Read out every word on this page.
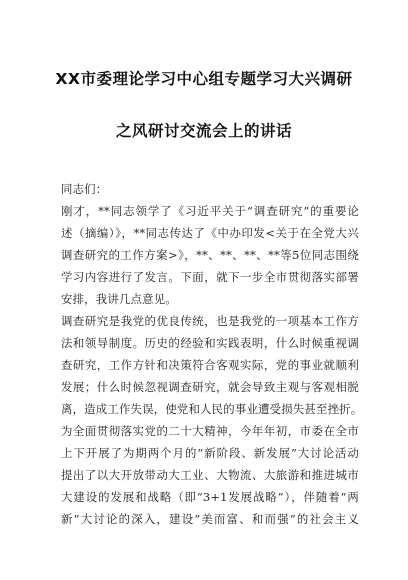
XX市委理论学习中心组专题学习大兴调研
之风研讨交流会上的讲话
同志们：
刚才，**同志领学了《习近平关于“调查研究”的重要论
述（摘编）》，**同志传达了《中办印发<关于在全党大兴
调查研究的工作方案>》，**、**、**、**等5位同志围绕
学习内容进行了发言。下面，就下一步全市贯彻落实部署
安排，我讲几点意见。
调查研究是我党的优良传统，也是我党的一项基本工作方
法和领导制度。历史的经验和实践表明，什么时候重视调
查研究，工作方针和决策符合客观实际，党的事业就顺利
发展；什么时候忽视调查研究，就会导致主观与客观相脱
离，造成工作失误，使党和人民的事业遭受损失甚至挫折。
为全面贯彻落实党的二十大精神，今年年初，市委在全市
上下开展了为期两个月的“新阶段、新发展”大讨论活动
提出了以大开放带动大工业、大物流、大旅游和推进城市
大建设的发展和战略（即“3+1发展战略”），伴随着“两
新”大讨论的深入，建设“美而富、和而强”的社会主义
